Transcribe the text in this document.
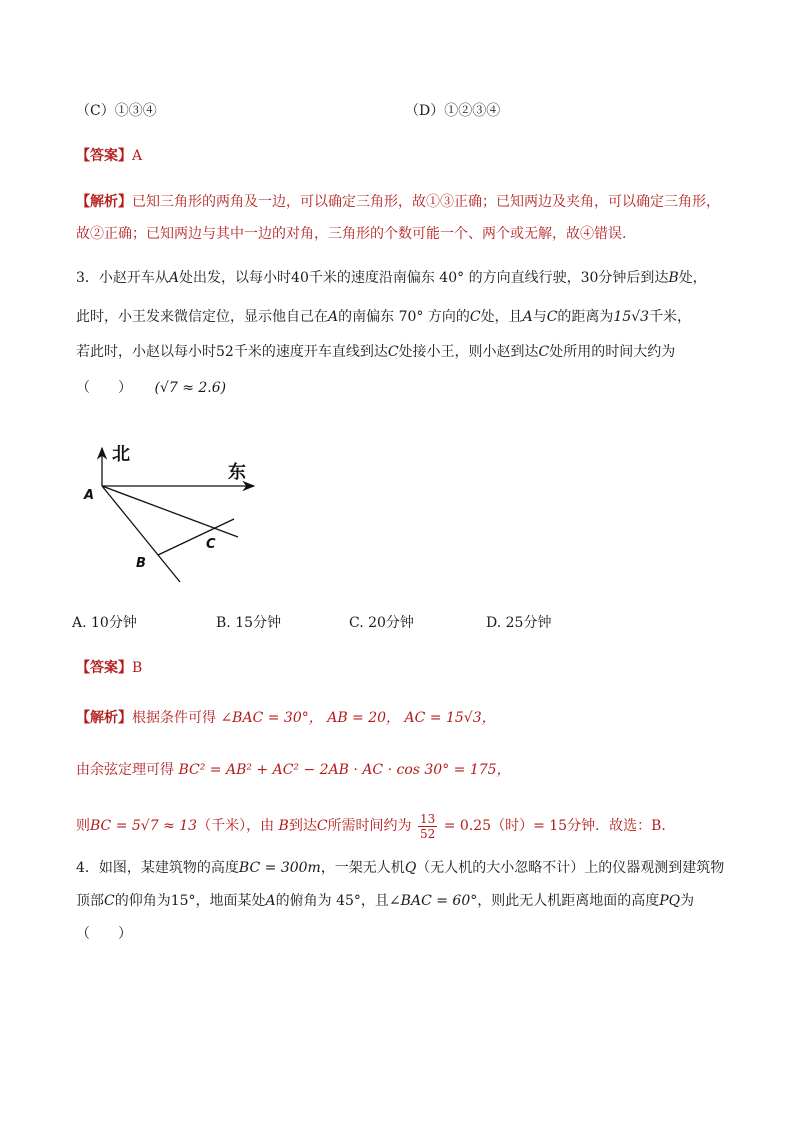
（C）①③④	（D）①②③④
【答案】A
【解析】已知三角形的两角及一边，可以确定三角形，故①③正确；已知两边及夹角，可以确定三角形，
故②正确；已知两边与其中一边的对角，三角形的个数可能一个、两个或无解，故④错误.
3．小赵开车从A处出发，以每小时40千米的速度沿南偏东 40° 的方向直线行驶，30分钟后到达B处，
此时，小王发来微信定位，显示他自己在A的南偏东 70° 方向的C处，且A与C的距离为15√3千米，
若此时，小赵以每小时52千米的速度开车直线到达C处接小王，则小赵到达C处所用的时间大约为
（　　） (√7 ≈ 2.6)
北
东
A
B
C
A. 10分钟	B. 15分钟	C. 20分钟	D. 25分钟
【答案】B
【解析】根据条件可得 ∠BAC = 30°， AB = 20， AC = 15√3，
由余弦定理可得 BC² = AB² + AC² − 2AB · AC · cos 30° = 175，
则BC = 5√7 ≈ 13（千米），由 B到达C所需时间约为 $\frac{13}{52} = 0.25$（时）= 15分钟．故选：B．
4．如图，某建筑物的高度BC = 300m，一架无人机Q（无人机的大小忽略不计）上的仪器观测到建筑物
顶部C的仰角为15°，地面某处A的俯角为 45°，且∠BAC = 60°，则此无人机距离地面的高度PQ为
（　　）
